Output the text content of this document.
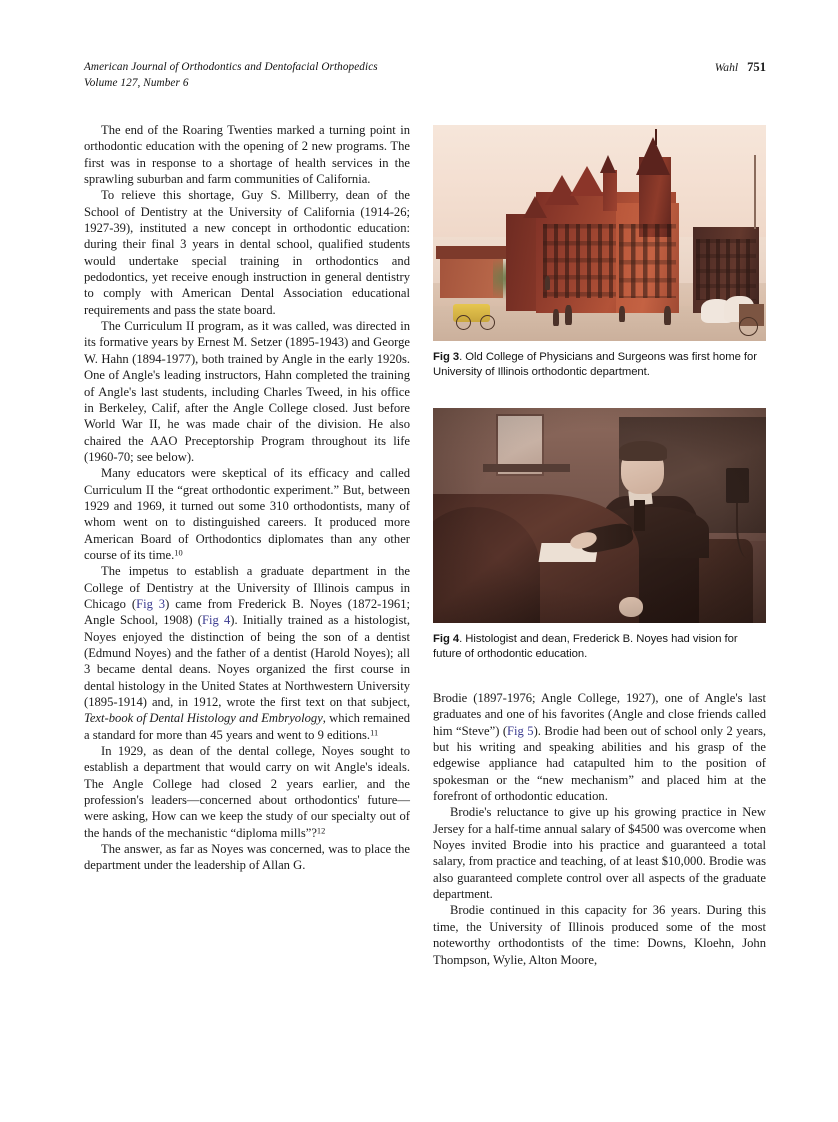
American Journal of Orthodontics and Dentofacial Orthopedics
Volume 127, Number 6
Wahl 751

The end of the Roaring Twenties marked a turning point in orthodontic education with the opening of 2 new programs. The first was in response to a shortage of health services in the sprawling suburban and farm communities of California.

To relieve this shortage, Guy S. Millberry, dean of the School of Dentistry at the University of California (1914-26; 1927-39), instituted a new concept in orthodontic education: during their final 3 years in dental school, qualified students would undertake special training in orthodontics and pedodontics, yet receive enough instruction in general dentistry to comply with American Dental Association educational requirements and pass the state board.

The Curriculum II program, as it was called, was directed in its formative years by Ernest M. Setzer (1895-1943) and George W. Hahn (1894-1977), both trained by Angle in the early 1920s. One of Angle's leading instructors, Hahn completed the training of Angle's last students, including Charles Tweed, in his office in Berkeley, Calif, after the Angle College closed. Just before World War II, he was made chair of the division. He also chaired the AAO Preceptorship Program throughout its life (1960-70; see below).

Many educators were skeptical of its efficacy and called Curriculum II the “great orthodontic experiment.” But, between 1929 and 1969, it turned out some 310 orthodontists, many of whom went on to distinguished careers. It produced more American Board of Orthodontics diplomates than any other course of its time.$^{10}$

The impetus to establish a graduate department in the College of Dentistry at the University of Illinois campus in Chicago (Fig 3) came from Frederick B. Noyes (1872-1961; Angle School, 1908) (Fig 4). Initially trained as a histologist, Noyes enjoyed the distinction of being the son of a dentist (Edmund Noyes) and the father of a dentist (Harold Noyes); all 3 became dental deans. Noyes organized the first course in dental histology in the United States at Northwestern University (1895-1914) and, in 1912, wrote the first text on that subject, Text-book of Dental Histology and Embryology, which remained a standard for more than 45 years and went to 9 editions.$^{11}$

In 1929, as dean of the dental college, Noyes sought to establish a department that would carry on wit Angle's ideals. The Angle College had closed 2 years earlier, and the profession's leaders—concerned about orthodontics' future—were asking, How can we keep the study of our specialty out of the hands of the mechanistic “diploma mills”?$^{12}$

The answer, as far as Noyes was concerned, was to place the department under the leadership of Allan G.

Fig 3. Old College of Physicians and Surgeons was first home for University of Illinois orthodontic department.
Fig 4. Histologist and dean, Frederick B. Noyes had vision for future of orthodontic education.

Brodie (1897-1976; Angle College, 1927), one of Angle's last graduates and one of his favorites (Angle and close friends called him “Steve”) (Fig 5). Brodie had been out of school only 2 years, but his writing and speaking abilities and his grasp of the edgewise appliance had catapulted him to the position of spokesman or the “new mechanism” and placed him at the forefront of orthodontic education.

Brodie's reluctance to give up his growing practice in New Jersey for a half-time annual salary of $4500 was overcome when Noyes invited Brodie into his practice and guaranteed a total salary, from practice and teaching, of at least $10,000. Brodie was also guaranteed complete control over all aspects of the graduate department.

Brodie continued in this capacity for 36 years. During this time, the University of Illinois produced some of the most noteworthy orthodontists of the time: Downs, Kloehn, John Thompson, Wylie, Alton Moore,
